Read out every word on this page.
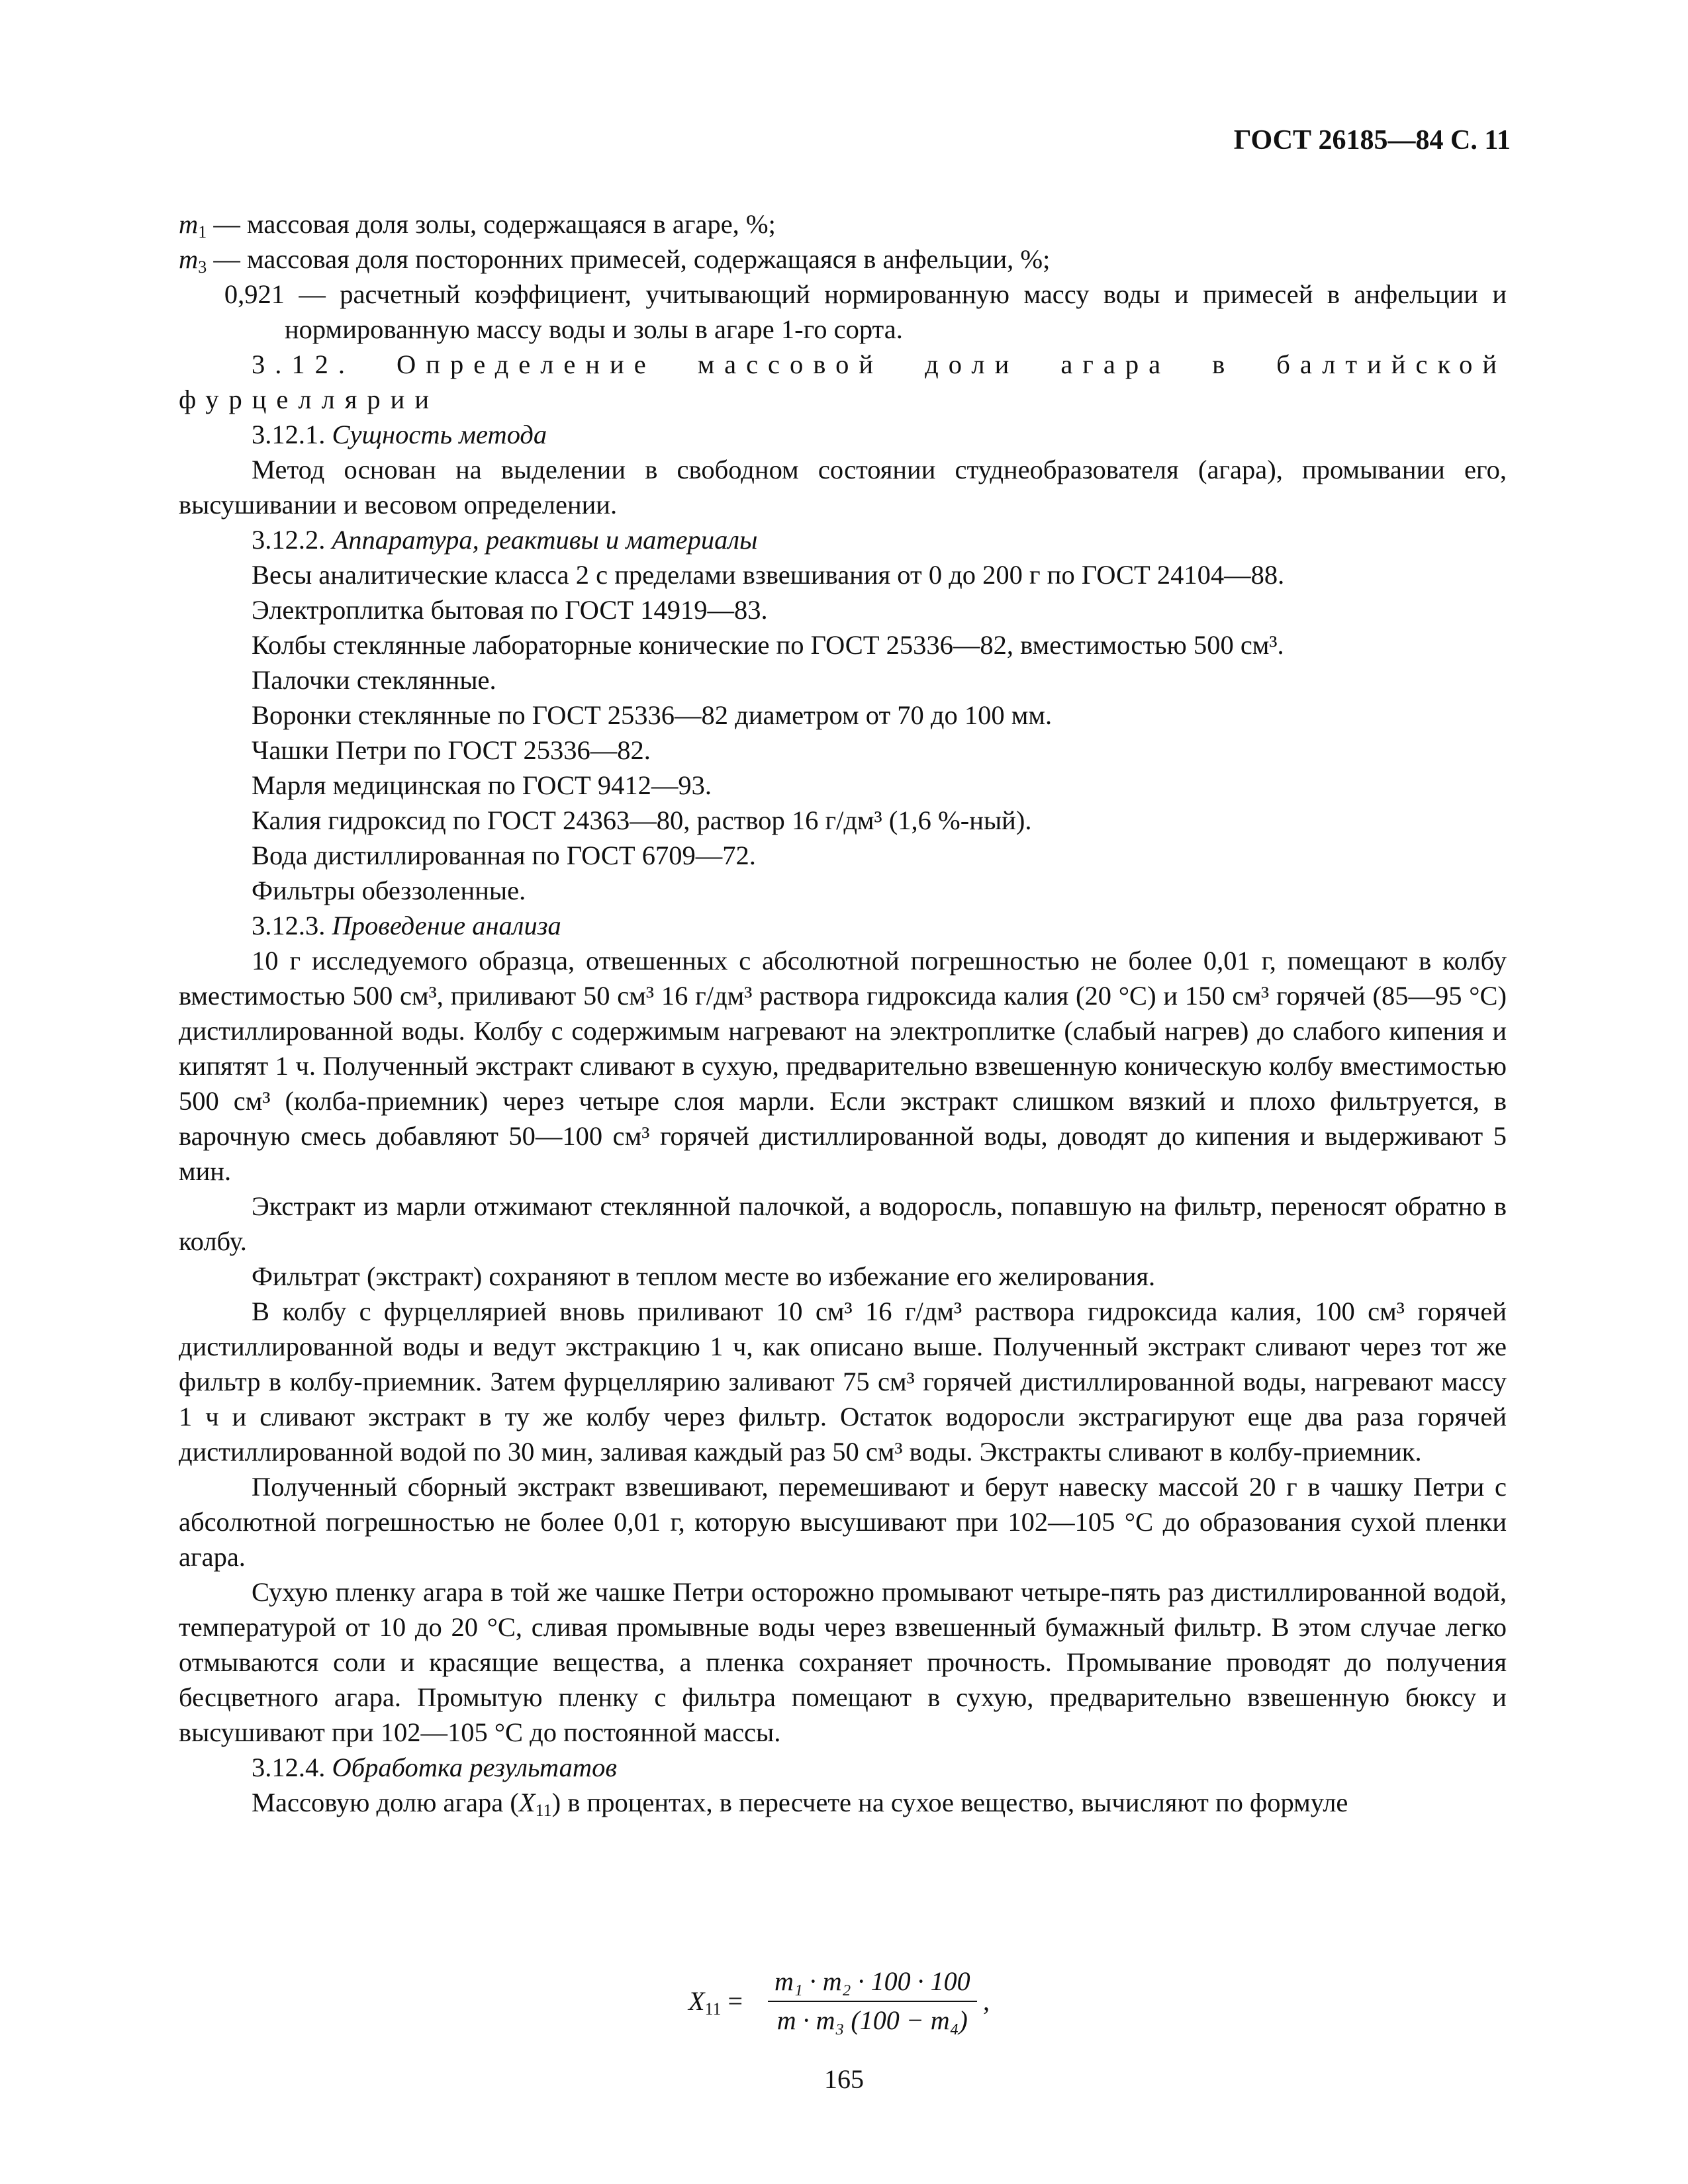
ГОСТ 26185—84 С. 11

$m_1$ — массовая доля золы, содержащаяся в агаре, %;

$m_3$ — массовая доля посторонних примесей, содержащаяся в анфельции, %;

0,921 — расчетный коэффициент, учитывающий нормированную массу воды и примесей в анфельции и нормированную массу воды и золы в агаре 1-го сорта.

3.12. Определение массовой доли агара в балтийской фурцеллярии

3.12.1. Сущность метода

Метод основан на выделении в свободном состоянии студнеобразователя (агара), промывании его, высушивании и весовом определении.

3.12.2. Аппаратура, реактивы и материалы

Весы аналитические класса 2 с пределами взвешивания от 0 до 200 г по ГОСТ 24104—88.

Электроплитка бытовая по ГОСТ 14919—83.

Колбы стеклянные лабораторные конические по ГОСТ 25336—82, вместимостью 500 см³.

Палочки стеклянные.

Воронки стеклянные по ГОСТ 25336—82 диаметром от 70 до 100 мм.

Чашки Петри по ГОСТ 25336—82.

Марля медицинская по ГОСТ 9412—93.

Калия гидроксид по ГОСТ 24363—80, раствор 16 г/дм³ (1,6 %-ный).

Вода дистиллированная по ГОСТ 6709—72.

Фильтры обеззоленные.

3.12.3. Проведение анализа

10 г исследуемого образца, отвешенных с абсолютной погрешностью не более 0,01 г, помещают в колбу вместимостью 500 см³, приливают 50 см³ 16 г/дм³ раствора гидроксида калия (20 °С) и 150 см³ горячей (85—95 °С) дистиллированной воды. Колбу с содержимым нагревают на электроплитке (слабый нагрев) до слабого кипения и кипятят 1 ч. Полученный экстракт сливают в сухую, предварительно взвешенную коническую колбу вместимостью 500 см³ (колба-приемник) через четыре слоя марли. Если экстракт слишком вязкий и плохо фильтруется, в варочную смесь добавляют 50—100 см³ горячей дистиллированной воды, доводят до кипения и выдерживают 5 мин.

Экстракт из марли отжимают стеклянной палочкой, а водоросль, попавшую на фильтр, переносят обратно в колбу.

Фильтрат (экстракт) сохраняют в теплом месте во избежание его желирования.

В колбу с фурцеллярией вновь приливают 10 см³ 16 г/дм³ раствора гидроксида калия, 100 см³ горячей дистиллированной воды и ведут экстракцию 1 ч, как описано выше. Полученный экстракт сливают через тот же фильтр в колбу-приемник. Затем фурцеллярию заливают 75 см³ горячей дистиллированной воды, нагревают массу 1 ч и сливают экстракт в ту же колбу через фильтр. Остаток водоросли экстрагируют еще два раза горячей дистиллированной водой по 30 мин, заливая каждый раз 50 см³ воды. Экстракты сливают в колбу-приемник.

Полученный сборный экстракт взвешивают, перемешивают и берут навеску массой 20 г в чашку Петри с абсолютной погрешностью не более 0,01 г, которую высушивают при 102—105 °С до образования сухой пленки агара.

Сухую пленку агара в той же чашке Петри осторожно промывают четыре-пять раз дистиллированной водой, температурой от 10 до 20 °С, сливая промывные воды через взвешенный бумажный фильтр. В этом случае легко отмываются соли и красящие вещества, а пленка сохраняет прочность. Промывание проводят до получения бесцветного агара. Промытую пленку с фильтра помещают в сухую, предварительно взвешенную бюксу и высушивают при 102—105 °С до постоянной массы.

3.12.4. Обработка результатов

Массовую долю агара $(X_{11})$ в процентах, в пересчете на сухое вещество, вычисляют по формуле

$X_{11}$ =
m₁ · m₂ · 100 · 100
m · m₃ (100 − m₄)
,
165
